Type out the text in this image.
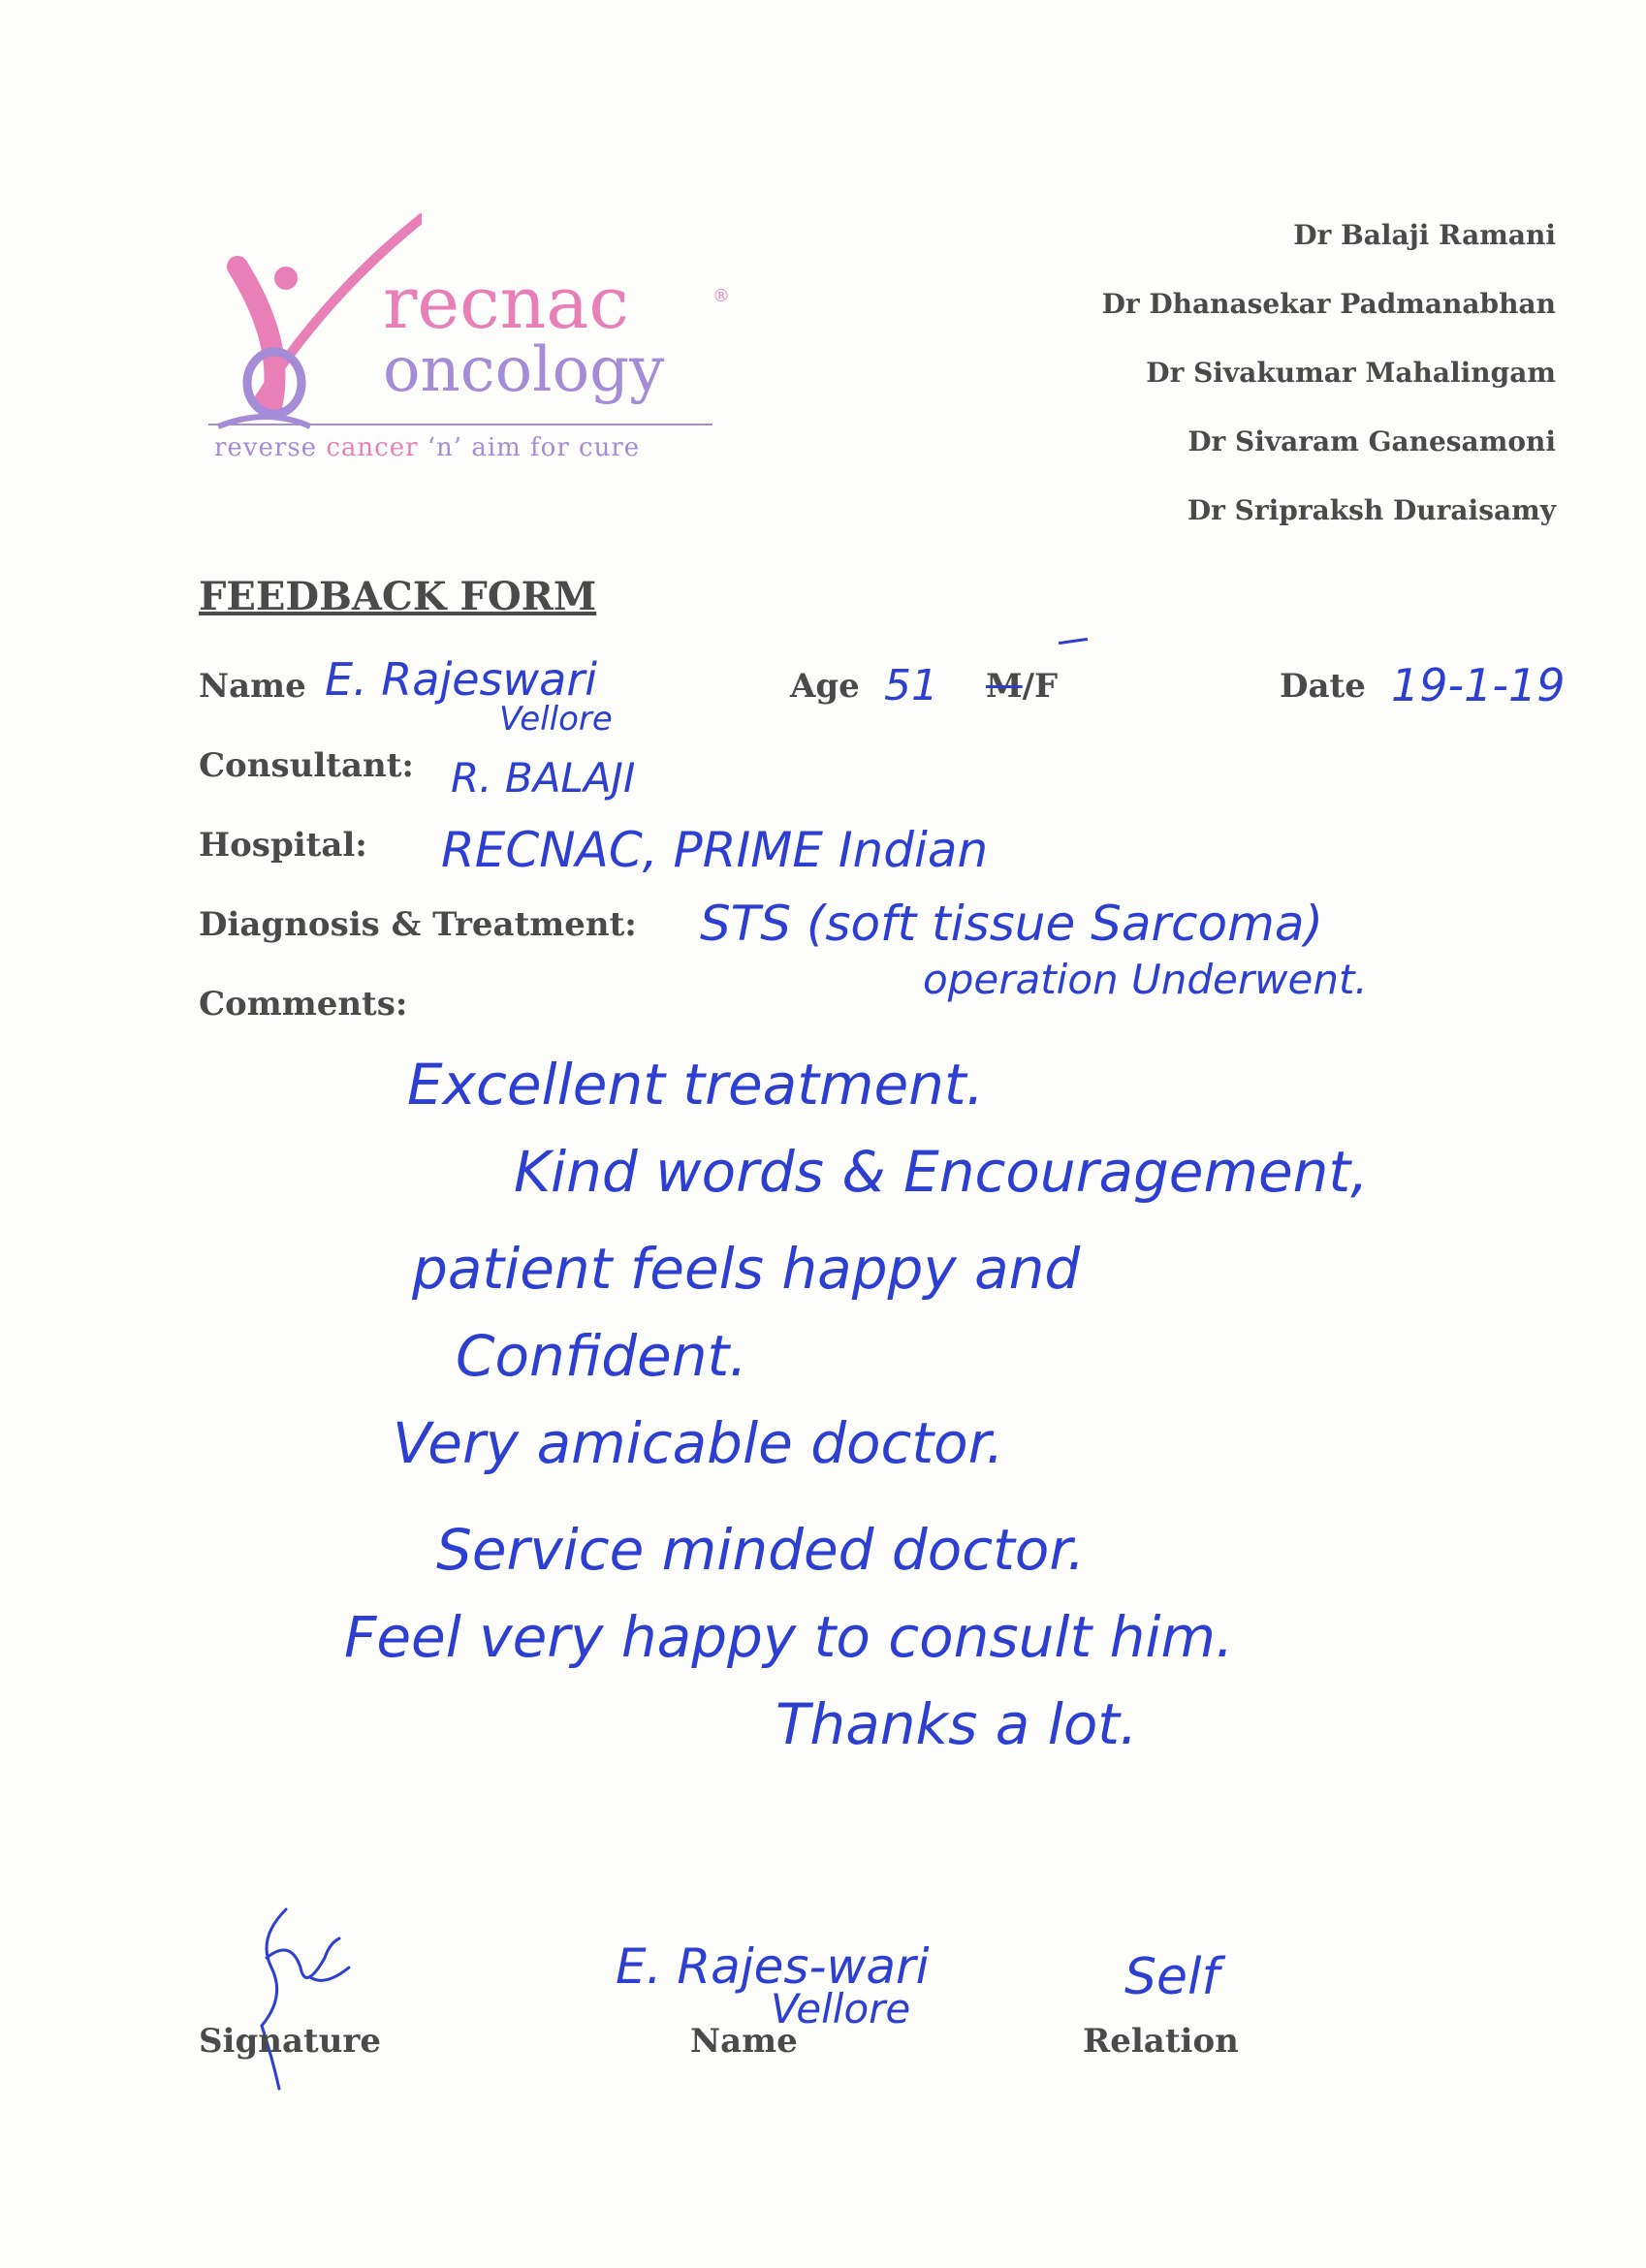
recnac	®
oncology
reverse cancer ‘n’ aim for cure
Dr Balaji Ramani
Dr Dhanasekar Padmanabhan
Dr Sivakumar Mahalingam
Dr Sivaram Ganesamoni
Dr Sripraksh Duraisamy
FEEDBACK FORM
Name E. Rajeswari
Vellore
Age 51 M/F	Date 19-1-19
Consultant: R. BALAJI
Hospital: RECNAC, PRIME Indian
Diagnosis & Treatment: STS (soft tissue Sarcoma)
operation Underwent.
Comments:
Excellent treatment.
Kind words & Encouragement,
patient feels happy and
Confident.
Very amicable doctor.
Service minded doctor.
Feel very happy to consult him.
Thanks a lot.
Signature
E. Rajes-wari
Vellore
Name
Self
Relation
